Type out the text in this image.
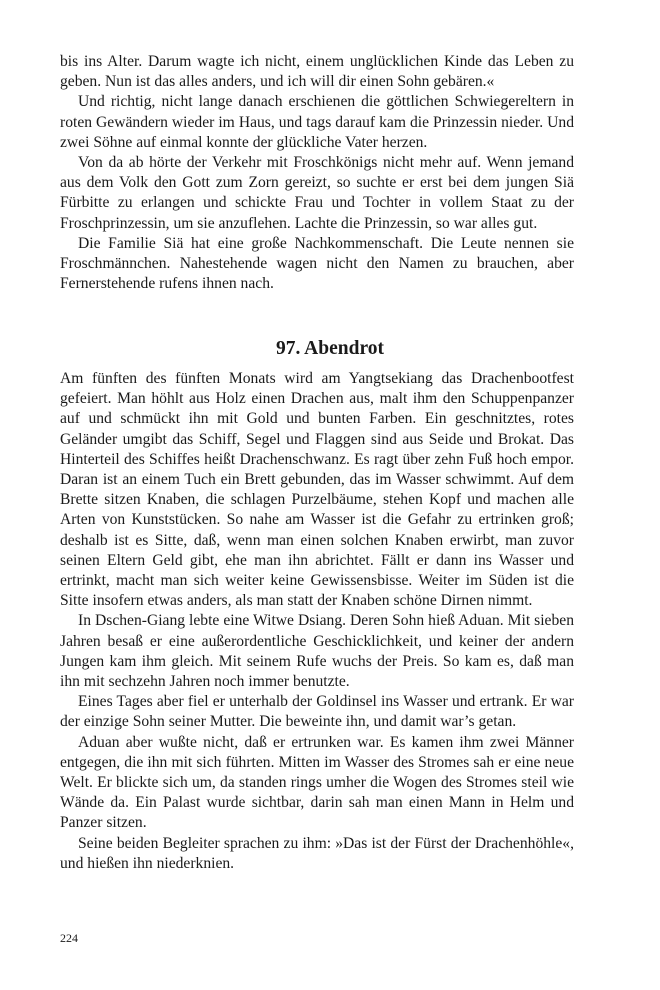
bis ins Alter. Darum wagte ich nicht, einem unglücklichen Kinde das Leben zu geben. Nun ist das alles anders, und ich will dir einen Sohn gebären.«

Und richtig, nicht lange danach erschienen die göttlichen Schwiegereltern in roten Gewändern wieder im Haus, und tags darauf kam die Prinzessin nieder. Und zwei Söhne auf einmal konnte der glückliche Vater herzen.

Von da ab hörte der Verkehr mit Froschkönigs nicht mehr auf. Wenn jemand aus dem Volk den Gott zum Zorn gereizt, so suchte er erst bei dem jungen Siä Fürbitte zu erlangen und schickte Frau und Tochter in vollem Staat zu der Froschprinzessin, um sie anzuflehen. Lachte die Prinzessin, so war alles gut.

Die Familie Siä hat eine große Nachkommenschaft. Die Leute nennen sie Froschmännchen. Nahestehende wagen nicht den Namen zu brauchen, aber Fernerstehende rufens ihnen nach.

97. Abendrot

Am fünften des fünften Monats wird am Yangtsekiang das Drachenbootfest gefeiert. Man höhlt aus Holz einen Drachen aus, malt ihm den Schuppenpanzer auf und schmückt ihn mit Gold und bunten Farben. Ein geschnitztes, rotes Geländer umgibt das Schiff, Segel und Flaggen sind aus Seide und Brokat. Das Hinterteil des Schiffes heißt Drachenschwanz. Es ragt über zehn Fuß hoch empor. Daran ist an einem Tuch ein Brett gebunden, das im Wasser schwimmt. Auf dem Brette sitzen Knaben, die schlagen Purzelbäume, stehen Kopf und machen alle Arten von Kunststücken. So nahe am Wasser ist die Gefahr zu ertrinken groß; deshalb ist es Sitte, daß, wenn man einen solchen Knaben erwirbt, man zuvor seinen Eltern Geld gibt, ehe man ihn abrichtet. Fällt er dann ins Wasser und ertrinkt, macht man sich weiter keine Gewissensbisse. Weiter im Süden ist die Sitte insofern etwas anders, als man statt der Knaben schöne Dirnen nimmt.

In Dschen-Giang lebte eine Witwe Dsiang. Deren Sohn hieß Aduan. Mit sieben Jahren besaß er eine außerordentliche Geschicklichkeit, und keiner der andern Jungen kam ihm gleich. Mit seinem Rufe wuchs der Preis. So kam es, daß man ihn mit sechzehn Jahren noch immer benutzte.

Eines Tages aber fiel er unterhalb der Goldinsel ins Wasser und ertrank. Er war der einzige Sohn seiner Mutter. Die beweinte ihn, und damit war’s getan.

Aduan aber wußte nicht, daß er ertrunken war. Es kamen ihm zwei Männer entgegen, die ihn mit sich führten. Mitten im Wasser des Stromes sah er eine neue Welt. Er blickte sich um, da standen rings umher die Wogen des Stromes steil wie Wände da. Ein Palast wurde sichtbar, darin sah man einen Mann in Helm und Panzer sitzen.

Seine beiden Begleiter sprachen zu ihm: »Das ist der Fürst der Drachenhöhle«, und hießen ihn niederknien.

224
